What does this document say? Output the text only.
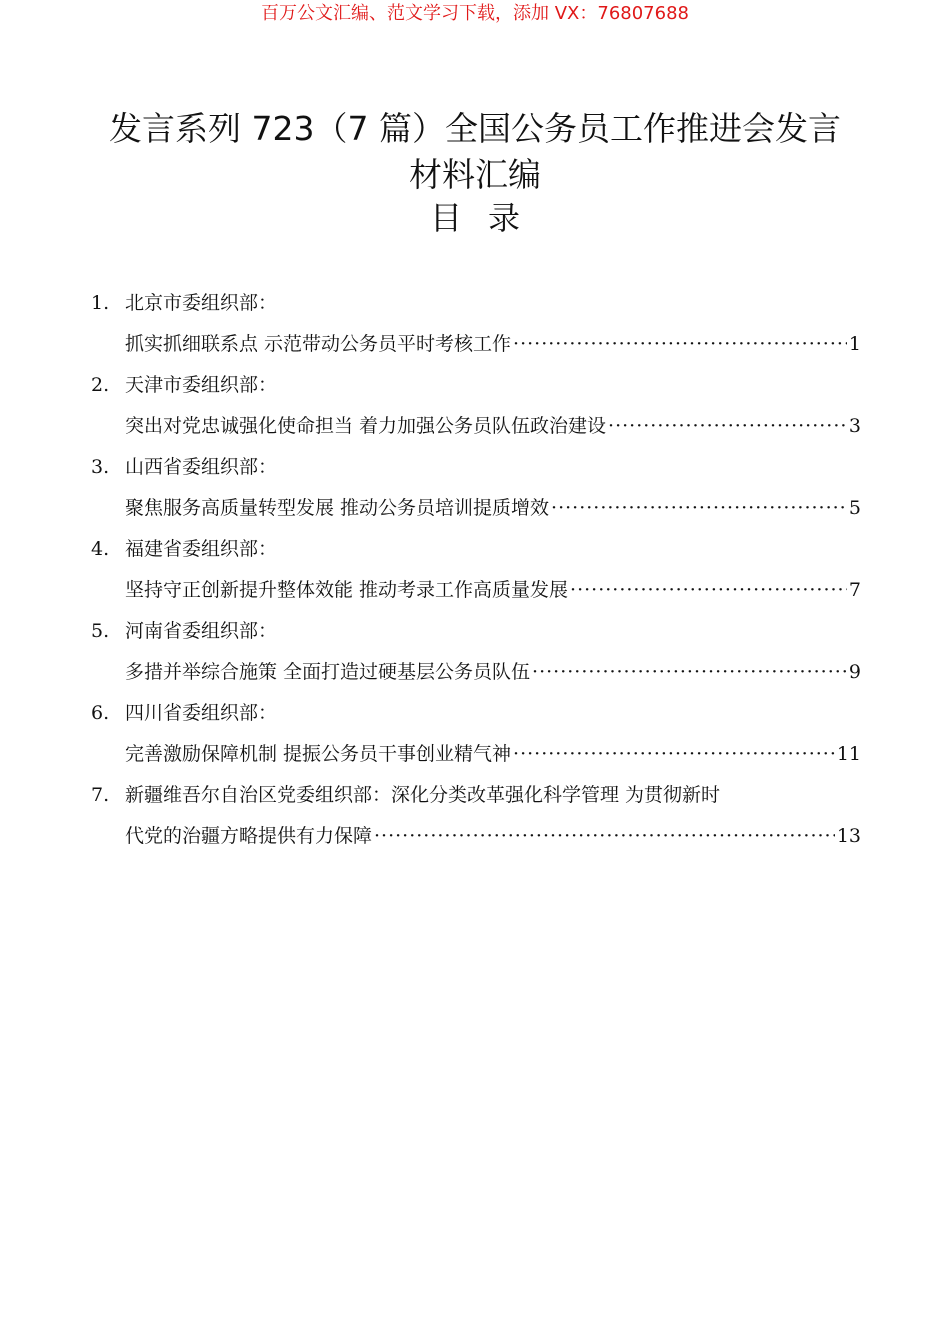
百万公文汇编、范文学习下载，添加 VX：76807688
发言系列 723（7 篇）全国公务员工作推进会发言
材料汇编
目录
1. 北京市委组织部：
抓实抓细联系点 示范带动公务员平时考核工作 ·····	1
2. 天津市委组织部：
突出对党忠诚强化使命担当 着力加强公务员队伍政治建设 ·····	3
3. 山西省委组织部：
聚焦服务高质量转型发展 推动公务员培训提质增效 ·····	5
4. 福建省委组织部：
坚持守正创新提升整体效能 推动考录工作高质量发展 ·····	7
5. 河南省委组织部：
多措并举综合施策 全面打造过硬基层公务员队伍 ·····	9
6. 四川省委组织部：
完善激励保障机制 提振公务员干事创业精气神 ·····	11
7. 新疆维吾尔自治区党委组织部：深化分类改革强化科学管理 为贯彻新时
代党的治疆方略提供有力保障 ·····	13
